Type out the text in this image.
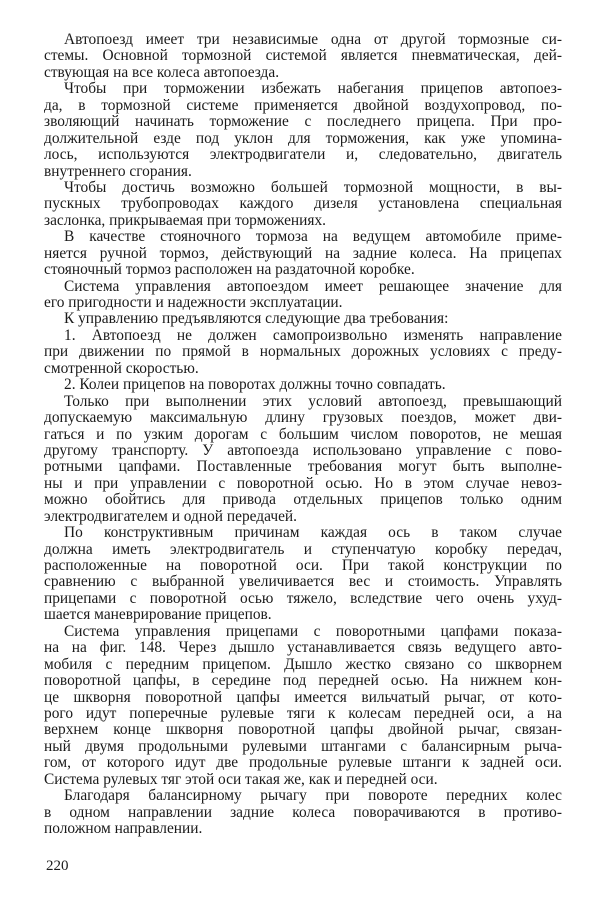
Автопоезд имеет три независимые одна от другой тормозные си-
стемы. Основной тормозной системой является пневматическая, дей-
ствующая на все колеса автопоезда.
Чтобы при торможении избежать набегания прицепов автопоез-
да, в тормозной системе применяется двойной воздухопровод, по-
зволяющий начинать торможение с последнего прицепа. При про-
должительной езде под уклон для торможения, как уже упомина-
лось, используются электродвигатели и, следовательно, двигатель
внутреннего сгорания.
Чтобы достичь возможно большей тормозной мощности, в вы-
пускных трубопроводах каждого дизеля установлена специальная
заслонка, прикрываемая при торможениях.
В качестве стояночного тормоза на ведущем автомобиле приме-
няется ручной тормоз, действующий на задние колеса. На прицепах
стояночный тормоз расположен на раздаточной коробке.
Система управления автопоездом имеет решающее значение для
его пригодности и надежности эксплуатации.
К управлению предъявляются следующие два требования:
1. Автопоезд не должен самопроизвольно изменять направление
при движении по прямой в нормальных дорожных условиях с преду-
смотренной скоростью.
2. Колеи прицепов на поворотах должны точно совпадать.
Только при выполнении этих условий автопоезд, превышающий
допускаемую максимальную длину грузовых поездов, может дви-
гаться и по узким дорогам с большим числом поворотов, не мешая
другому транспорту. У автопоезда использовано управление с пово-
ротными цапфами. Поставленные требования могут быть выполне-
ны и при управлении с поворотной осью. Но в этом случае невоз-
можно обойтись для привода отдельных прицепов только одним
электродвигателем и одной передачей.
По конструктивным причинам каждая ось в таком случае
должна иметь электродвигатель и ступенчатую коробку передач,
расположенные на поворотной оси. При такой конструкции по
сравнению с выбранной увеличивается вес и стоимость. Управлять
прицепами с поворотной осью тяжело, вследствие чего очень ухуд-
шается маневрирование прицепов.
Система управления прицепами с поворотными цапфами показа-
на на фиг. 148. Через дышло устанавливается связь ведущего авто-
мобиля с передним прицепом. Дышло жестко связано со шкворнем
поворотной цапфы, в середине под передней осью. На нижнем кон-
це шкворня поворотной цапфы имеется вильчатый рычаг, от кото-
рого идут поперечные рулевые тяги к колесам передней оси, а на
верхнем конце шкворня поворотной цапфы двойной рычаг, связан-
ный двумя продольными рулевыми штангами с балансирным рыча-
гом, от которого идут две продольные рулевые штанги к задней оси.
Система рулевых тяг этой оси такая же, как и передней оси.
Благодаря балансирному рычагу при повороте передних колес
в одном направлении задние колеса поворачиваются в противо-
положном направлении.
220
